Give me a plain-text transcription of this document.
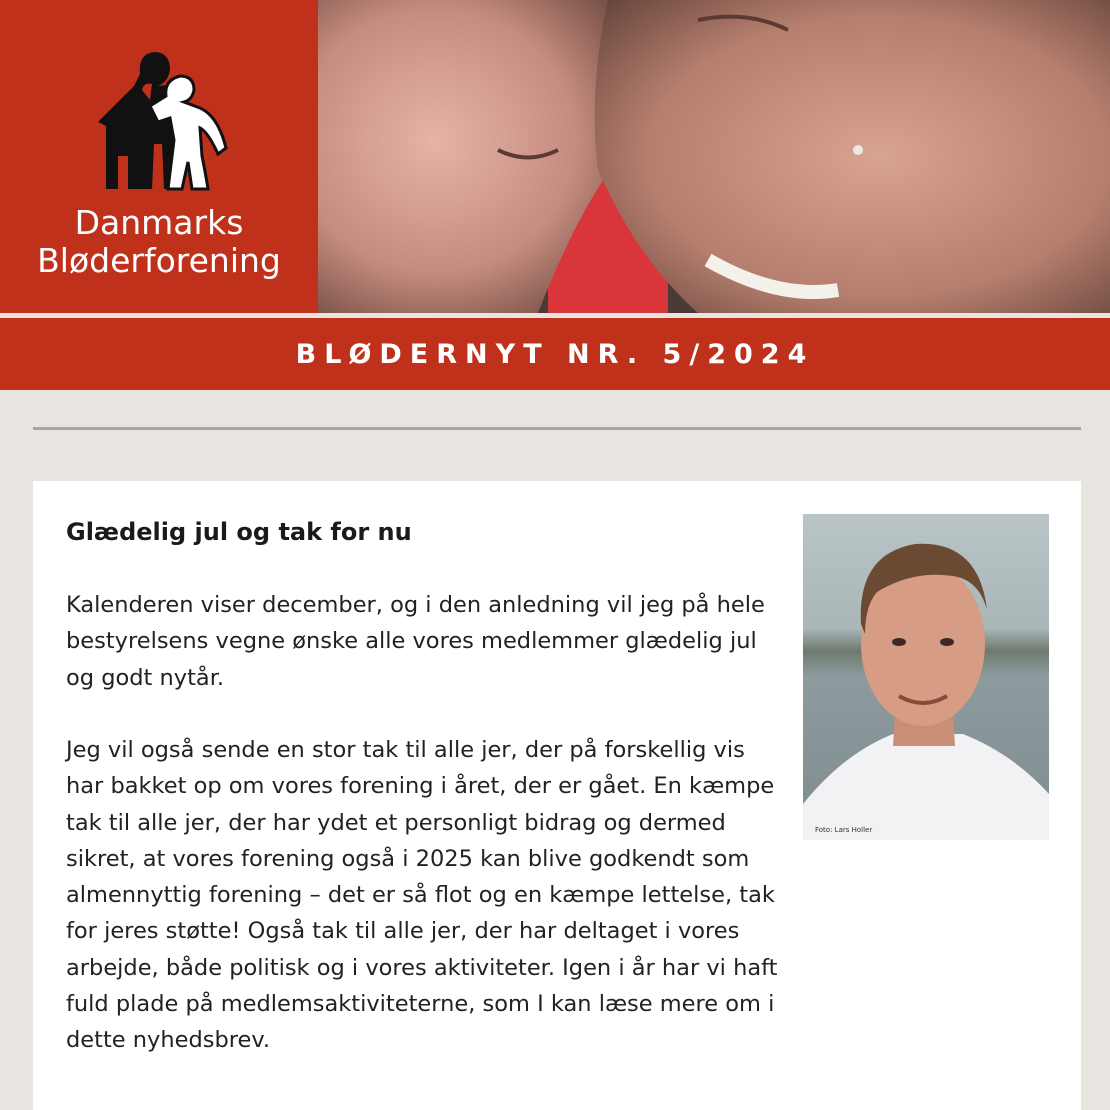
Danmarks
Bløderforening
BLØDERNYT NR. 5/2024
Glædelig jul og tak for nu

Kalenderen viser december, og i den anledning vil jeg på hele bestyrelsens vegne ønske alle vores medlemmer glædelig jul og godt nytår.

Jeg vil også sende en stor tak til alle jer, der på forskellig vis har bakket op om vores forening i året, der er gået. En kæmpe tak til alle jer, der har ydet et personligt bidrag og dermed sikret, at vores forening også i 2025 kan blive godkendt som almennyttig forening – det er så flot og en kæmpe lettelse, tak for jeres støtte! Også tak til alle jer, der har deltaget i vores arbejde, både politisk og i vores aktiviteter. Igen i år har vi haft fuld plade på medlemsaktiviteterne, som I kan læse mere om i dette nyhedsbrev.

Foto: Lars Holler
